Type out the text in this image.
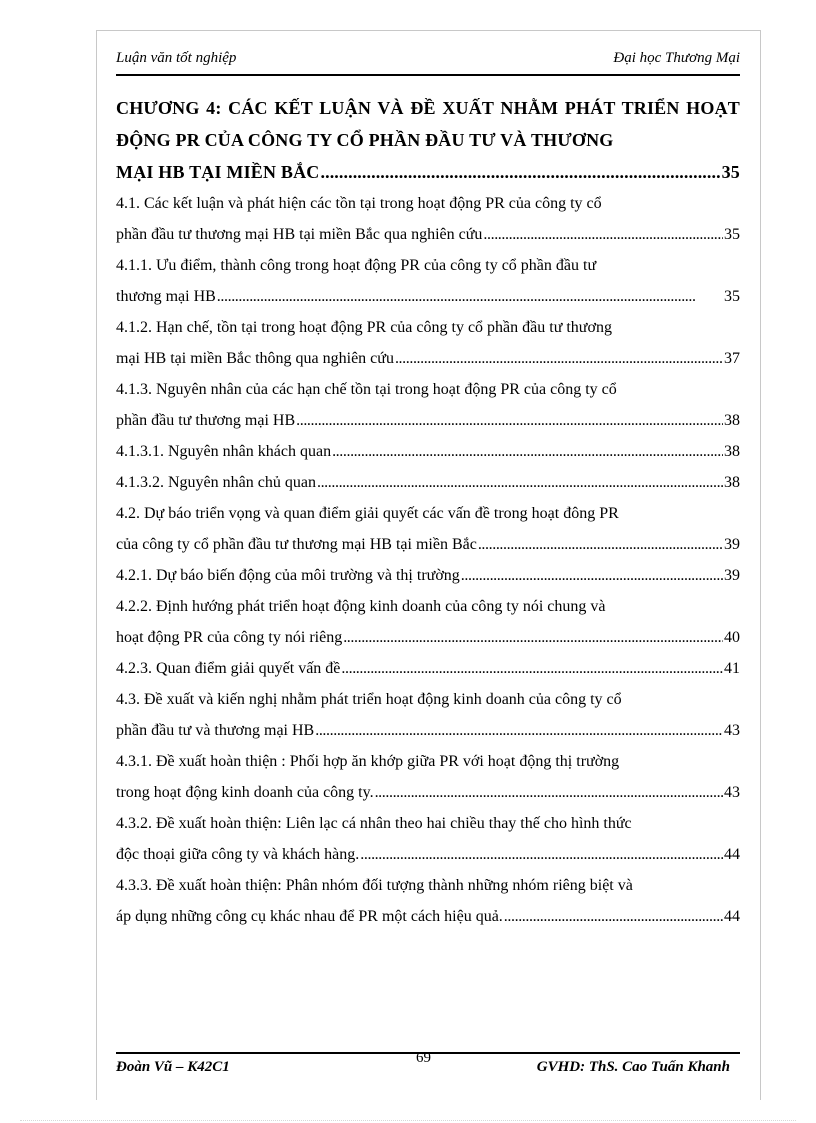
Luận văn tốt nghiệp	Đại học Thương Mại
CHƯƠNG 4: CÁC KẾT LUẬN VÀ ĐỀ XUẤT NHẰM PHÁT TRIỂN HOẠT ĐỘNG PR CỦA CÔNG TY CỔ PHẦN ĐẦU TƯ VÀ THƯƠNG
MẠI HB TẠI MIỀN BẮC . . .	35
4.1. Các kết luận và phát hiện các tồn tại trong hoạt động PR của công ty cổ
phần đầu tư thương mại HB tại miền Bắc qua nghiên cứu . . .	35
4.1.1. Ưu điểm, thành công trong hoạt động PR của công ty cổ phần đầu tư
thương mại HB . . .	35
4.1.2. Hạn chế, tồn tại trong hoạt động PR của công ty cổ phần đầu tư thương
mại HB tại miền Bắc thông qua nghiên cứu . . .	37
4.1.3. Nguyên nhân của các hạn chế tồn tại trong hoạt động PR của công ty cổ
phần đầu tư thương mại HB . . .	38
4.1.3.1. Nguyên nhân khách quan . . .	38
4.1.3.2. Nguyên nhân chủ quan . . .	38
4.2. Dự báo triển vọng và quan điểm giải quyết các vấn đề trong hoạt đông PR
của công ty cổ phần đầu tư thương mại HB tại miền Bắc . . .	39
4.2.1. Dự báo biến động của môi trường và thị trường . . .	39
4.2.2. Định hướng phát triển hoạt động kinh doanh của công ty nói chung và
hoạt động PR của công ty nói riêng . . .	40
4.2.3. Quan điểm giải quyết vấn đề . . .	41
4.3. Đề xuất và kiến nghị nhằm phát triển hoạt động kinh doanh của công ty cổ
phần đầu tư và thương mại HB . . .	43
4.3.1. Đề xuất hoàn thiện : Phối hợp ăn khớp giữa PR với hoạt động thị trường
trong hoạt động kinh doanh của công ty. . . .	43
4.3.2. Đề xuất hoàn thiện: Liên lạc cá nhân theo hai chiều thay thế cho hình thức
độc thoại giữa công ty và khách hàng. . . .	44
4.3.3. Đề xuất hoàn thiện: Phân nhóm đối tượng thành những nhóm riêng biệt và
áp dụng những công cụ khác nhau để PR một cách hiệu quả. . . .	44
Đoàn Vũ – K42C1
69
GVHD: ThS. Cao Tuấn Khanh
